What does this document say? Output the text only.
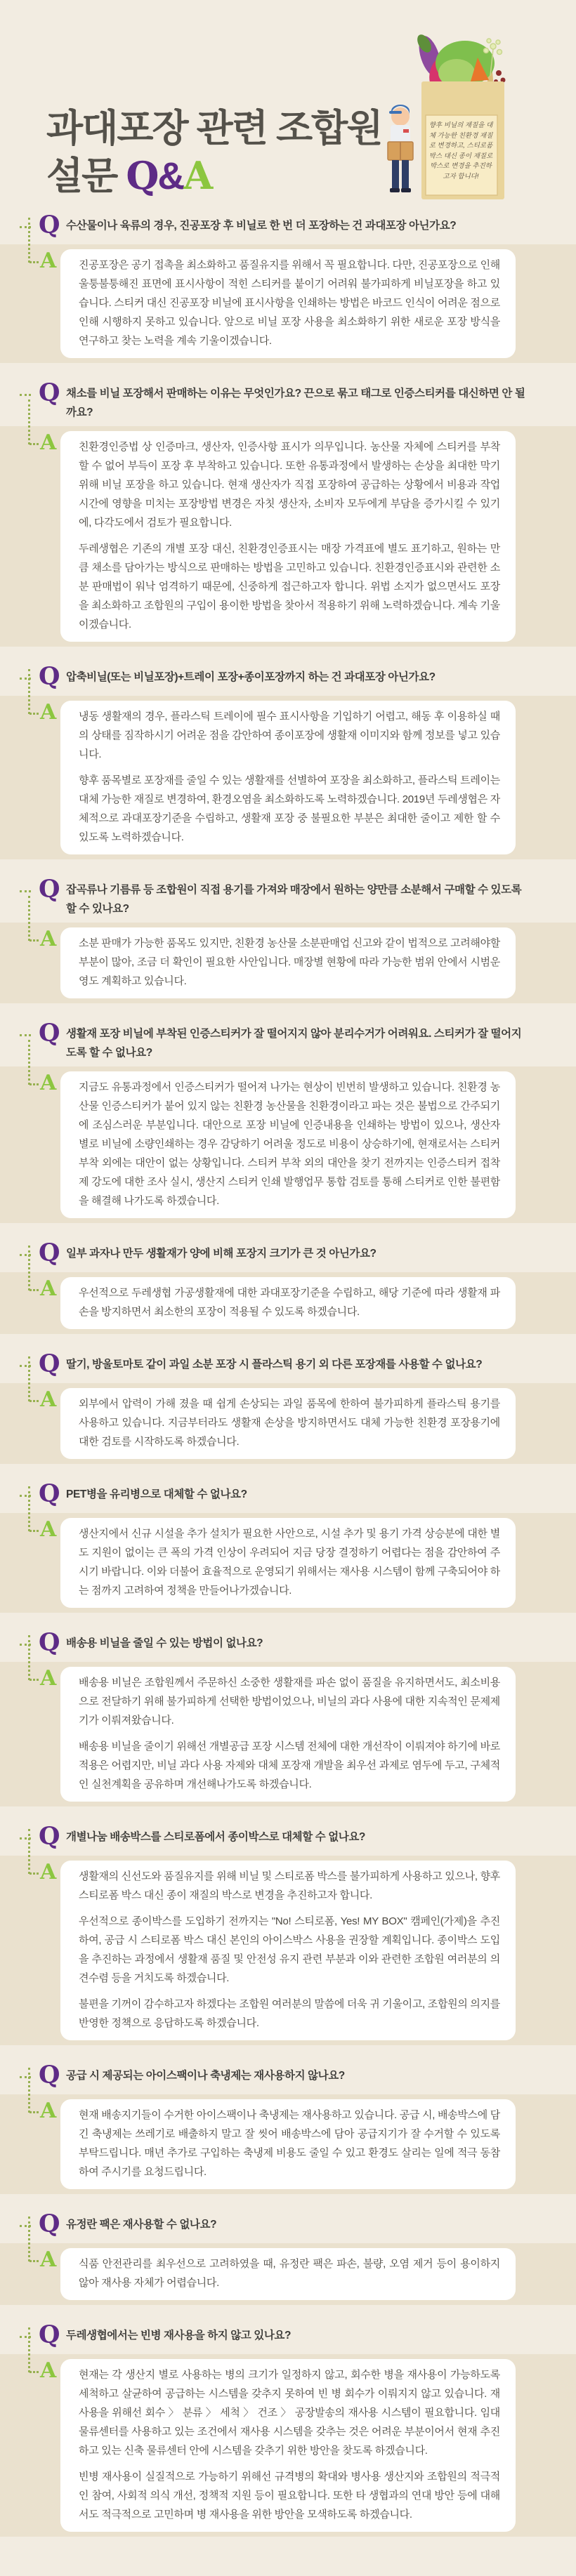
과대포장 관련 조합원
설문 Q&A
향후 비닐의 재질을 대체 가능한 친환경 재질로 변경하고, 스티로폼 박스 대신 종이 재질로 박스로 변경을 추진하고자 합니다!
Q 수산물이나 육류의 경우, 진공포장 후 비닐로 한 번 더 포장하는 건 과대포장 아닌가요?
A 진공포장은 공기 접촉을 최소화하고 품질유지를 위해서 꼭 필요합니다. 다만, 진공포장으로 인해 울퉁불퉁해진 표면에 표시사항이 적힌 스티커를 붙이기 어려워 불가피하게 비닐포장을 하고 있습니다. 스티커 대신 진공포장 비닐에 표시사항을 인쇄하는 방법은 바코드 인식이 어려운 점으로 인해 시행하지 못하고 있습니다. 앞으로 비닐 포장 사용을 최소화하기 위한 새로운 포장 방식을 연구하고 찾는 노력을 계속 기울이겠습니다.

Q 채소를 비닐 포장해서 판매하는 이유는 무엇인가요? 끈으로 묶고 태그로 인증스티커를 대신하면 안 될까요?
A 친환경인증법 상 인증마크, 생산자, 인증사항 표시가 의무입니다. 농산물 자체에 스티커를 부착할 수 없어 부득이 포장 후 부착하고 있습니다. 또한 유통과정에서 발생하는 손상을 최대한 막기 위해 비닐 포장을 하고 있습니다. 현재 생산자가 직접 포장하여 공급하는 상황에서 비용과 작업시간에 영향을 미치는 포장방법 변경은 자칫 생산자, 소비자 모두에게 부담을 증가시킬 수 있기에, 다각도에서 검토가 필요합니다.

두레생협은 기존의 개별 포장 대신, 친환경인증표시는 매장 가격표에 별도 표기하고, 원하는 만큼 채소를 담아가는 방식으로 판매하는 방법을 고민하고 있습니다. 친환경인증표시와 관련한 소분 판매법이 워낙 엄격하기 때문에, 신중하게 접근하고자 합니다. 위법 소지가 없으면서도 포장을 최소화하고 조합원의 구입이 용이한 방법을 찾아서 적용하기 위해 노력하겠습니다. 계속 기울이겠습니다.

Q 압축비닐(또는 비닐포장)+트레이 포장+종이포장까지 하는 건 과대포장 아닌가요?
A 냉동 생활재의 경우, 플라스틱 트레이에 필수 표시사항을 기입하기 어렵고, 해동 후 이용하실 때의 상태를 짐작하시기 어려운 점을 감안하여 종이포장에 생활재 이미지와 함께 정보를 넣고 있습니다.

향후 품목별로 포장재를 줄일 수 있는 생활재를 선별하여 포장을 최소화하고, 플라스틱 트레이는 대체 가능한 재질로 변경하여, 환경오염을 최소화하도록 노력하겠습니다. 2019년 두레생협은 자체적으로 과대포장기준을 수립하고, 생활재 포장 중 불필요한 부분은 최대한 줄이고 제한 할 수 있도록 노력하겠습니다.

Q 잡곡류나 기름류 등 조합원이 직접 용기를 가져와 매장에서 원하는 양만큼 소분해서 구매할 수 있도록 할 수 있나요?
A 소분 판매가 가능한 품목도 있지만, 친환경 농산물 소분판매업 신고와 같이 법적으로 고려해야할 부분이 많아, 조금 더 확인이 필요한 사안입니다. 매장별 현황에 따라 가능한 범위 안에서 시범운영도 계획하고 있습니다.

Q 생활재 포장 비닐에 부착된 인증스티커가 잘 떨어지지 않아 분리수거가 어려워요. 스티커가 잘 떨어지도록 할 수 없나요?
A 지금도 유통과정에서 인증스티커가 떨어져 나가는 현상이 빈번히 발생하고 있습니다. 친환경 농산물 인증스티커가 붙어 있지 않는 친환경 농산물을 친환경이라고 파는 것은 불법으로 간주되기에 조심스러운 부분입니다. 대안으로 포장 비닐에 인증내용을 인쇄하는 방법이 있으나, 생산자 별로 비닐에 소량인쇄하는 경우 감당하기 어려울 정도로 비용이 상승하기에, 현재로서는 스티커 부착 외에는 대안이 없는 상황입니다. 스티커 부착 외의 대안을 찾기 전까지는 인증스티커 접착제 강도에 대한 조사 실시, 생산지 스티커 인쇄 발행업무 통합 검토를 통해 스티커로 인한 불편함을 해결해 나가도록 하겠습니다.

Q 일부 과자나 만두 생활재가 양에 비해 포장지 크기가 큰 것 아닌가요?
A 우선적으로 두레생협 가공생활재에 대한 과대포장기준을 수립하고, 해당 기준에 따라 생활재 파손을 방지하면서 최소한의 포장이 적용될 수 있도록 하겠습니다.

Q 딸기, 방울토마토 같이 과일 소분 포장 시 플라스틱 용기 외 다른 포장재를 사용할 수 없나요?
A 외부에서 압력이 가해 졌을 때 쉽게 손상되는 과일 품목에 한하여 불가피하게 플라스틱 용기를 사용하고 있습니다. 지금부터라도 생활재 손상을 방지하면서도 대체 가능한 친환경 포장용기에 대한 검토를 시작하도록 하겠습니다.

Q PET병을 유리병으로 대체할 수 없나요?
A 생산지에서 신규 시설을 추가 설치가 필요한 사안으로, 시설 추가 및 용기 가격 상승분에 대한 별도 지원이 없이는 큰 폭의 가격 인상이 우려되어 지금 당장 결정하기 어렵다는 점을 감안하여 주시기 바랍니다. 이와 더불어 효율적으로 운영되기 위해서는 재사용 시스템이 함께 구축되어야 하는 점까지 고려하여 정책을 만들어나가겠습니다.

Q 배송용 비닐을 줄일 수 있는 방법이 없나요?
A 배송용 비닐은 조합원께서 주문하신 소중한 생활재를 파손 없이 품질을 유지하면서도, 최소비용으로 전달하기 위해 불가피하게 선택한 방법이었으나, 비닐의 과다 사용에 대한 지속적인 문제제기가 이뤄져왔습니다.

배송용 비닐을 줄이기 위해선 개별공급 포장 시스템 전체에 대한 개선작이 이뤄져야 하기에 바로 적용은 어렵지만, 비닐 과다 사용 자제와 대체 포장재 개발을 최우선 과제로 염두에 두고, 구체적인 실천계획을 공유하며 개선해나가도록 하겠습니다.

Q 개별나눔 배송박스를 스티로폼에서 종이박스로 대체할 수 없나요?
A 생활재의 신선도와 품질유지를 위해 비닐 및 스티로폼 박스를 불가피하게 사용하고 있으나, 향후 스티로폼 박스 대신 종이 재질의 박스로 변경을 추진하고자 합니다.

우선적으로 종이박스를 도입하기 전까지는 "No! 스티로폼, Yes! MY BOX" 캠페인(가제)을 추진하여, 공급 시 스티로폼 박스 대신 본인의 아이스박스 사용을 권장할 계획입니다. 종이박스 도입을 추진하는 과정에서 생활재 품질 및 안전성 유지 관련 부분과 이와 관련한 조합원 여러분의 의견수렴 등을 거치도록 하겠습니다.

불편을 기꺼이 감수하고자 하겠다는 조합원 여러분의 말씀에 더욱 귀 기울이고, 조합원의 의지를 반영한 정책으로 응답하도록 하겠습니다.

Q 공급 시 제공되는 아이스팩이나 축냉제는 재사용하지 않나요?
A 현재 배송지기들이 수거한 아이스팩이나 축냉제는 재사용하고 있습니다. 공급 시, 배송박스에 담긴 축냉제는 쓰레기로 배출하지 말고 잘 씻어 배송박스에 담아 공급지기가 잘 수거할 수 있도록 부탁드립니다. 매년 추가로 구입하는 축냉제 비용도 줄일 수 있고 환경도 살리는 일에 적극 동참하여 주시기를 요청드립니다.

Q 유정란 팩은 재사용할 수 없나요?
A 식품 안전관리를 최우선으로 고려하였을 때, 유정란 팩은 파손, 불량, 오염 제거 등이 용이하지 않아 재사용 자체가 어렵습니다.

Q 두레생협에서는 빈병 재사용을 하지 않고 있나요?
A 현재는 각 생산지 별로 사용하는 병의 크기가 일정하지 않고, 회수한 병을 재사용이 가능하도록 세척하고 살균하여 공급하는 시스템을 갖추지 못하여 빈 병 회수가 이뤄지지 않고 있습니다. 재사용을 위해선 회수 〉 분류 〉 세척 〉 건조 〉 공장발송의 재사용 시스템이 필요합니다. 임대 물류센터를 사용하고 있는 조건에서 재사용 시스템을 갖추는 것은 어려운 부분이어서 현재 추진하고 있는 신축 물류센터 안에 시스템을 갖추기 위한 방안을 찾도록 하겠습니다.

빈병 재사용이 실질적으로 가능하기 위해선 규격병의 확대와 병사용 생산지와 조합원의 적극적인 참여, 사회적 의식 개선, 정책적 지원 등이 필요합니다. 또한 타 생협과의 연대 방안 등에 대해서도 적극적으로 고민하며 병 재사용을 위한 방안을 모색하도록 하겠습니다.
